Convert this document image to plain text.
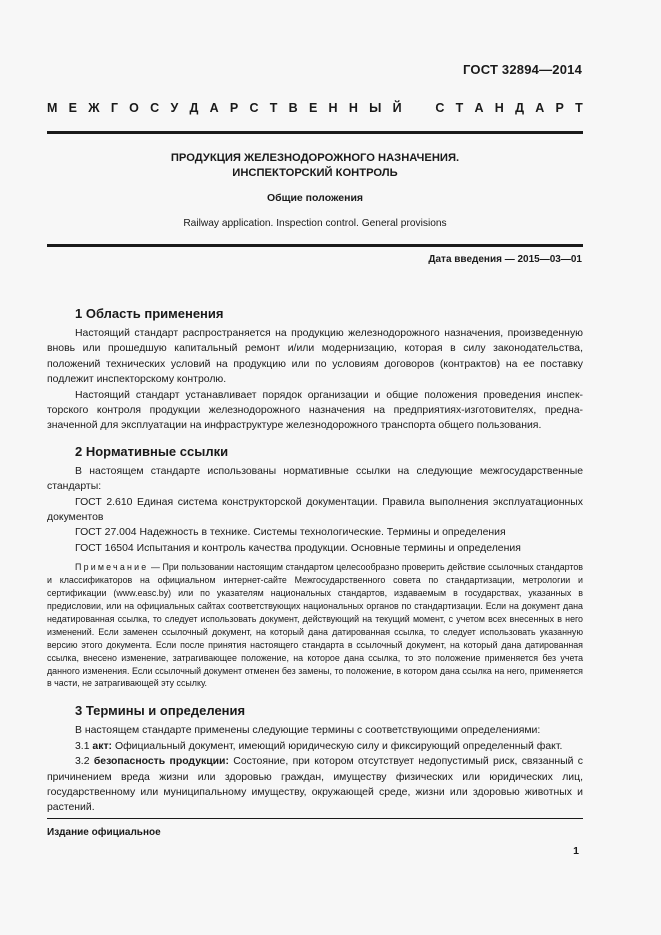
ГОСТ 32894—2014
М Е Ж Г О С У Д А Р С Т В Е Н Н Ы Й	С Т А Н Д А Р Т
ПРОДУКЦИЯ ЖЕЛЕЗНОДОРОЖНОГО НАЗНАЧЕНИЯ.
ИНСПЕКТОРСКИЙ КОНТРОЛЬ
Общие положения
Railway application. Inspection control. General provisions
Дата введения — 2015—03—01
1 Область применения

Настоящий стандарт распространяется на продукцию железнодорожного назначения, произведенную вновь или прошедшую капитальный ремонт и/или модернизацию, которая в силу законодательства, положений технических условий на продукцию или по условиям договоров (контрактов) на ее поставку подлежит инспекторскому контролю.

Настоящий стандарт устанавливает порядок организации и общие положения проведения инспекторского контроля продукции железнодорожного назначения на предприятиях-изготовителях, предназначенной для эксплуатации на инфраструктуре железнодорожного транспорта общего пользования.

2 Нормативные ссылки

В настоящем стандарте использованы нормативные ссылки на следующие межгосударственные стандарты:

ГОСТ 2.610 Единая система конструкторской документации. Правила выполнения эксплуатационных документов

ГОСТ 27.004 Надежность в технике. Системы технологические. Термины и определения

ГОСТ 16504 Испытания и контроль качества продукции. Основные термины и определения

Примечание — При пользовании настоящим стандартом целесообразно проверить действие ссылочных стандартов и классификаторов на официальном интернет-сайте Межгосударственного совета по стандартизации, метрологии и сертификации (www.easc.by) или по указателям национальных стандартов, издаваемым в государствах, указанных в предисловии, или на официальных сайтах соответствующих национальных органов по стандартизации. Если на документ дана недатированная ссылка, то следует использовать документ, действующий на текущий момент, с учетом всех внесенных в него изменений. Если заменен ссылочный документ, на который дана датированная ссылка, то следует использовать указанную версию этого документа. Если после принятия настоящего стандарта в ссылочный документ, на который дана датированная ссылка, внесено изменение, затрагивающее положение, на которое дана ссылка, то это положение применяется без учета данного изменения. Если ссылочный документ отменен без замены, то положение, в котором дана ссылка на него, применяется в части, не затрагивающей эту ссылку.

3 Термины и определения

В настоящем стандарте применены следующие термины с соответствующими определениями:

3.1 акт: Официальный документ, имеющий юридическую силу и фиксирующий определенный факт.

3.2 безопасность продукции: Состояние, при котором отсутствует недопустимый риск, связанный с причинением вреда жизни или здоровью граждан, имуществу физических или юридических лиц, государственному или муниципальному имуществу, окружающей среде, жизни или здоровью животных и растений.

Издание официальное
1
